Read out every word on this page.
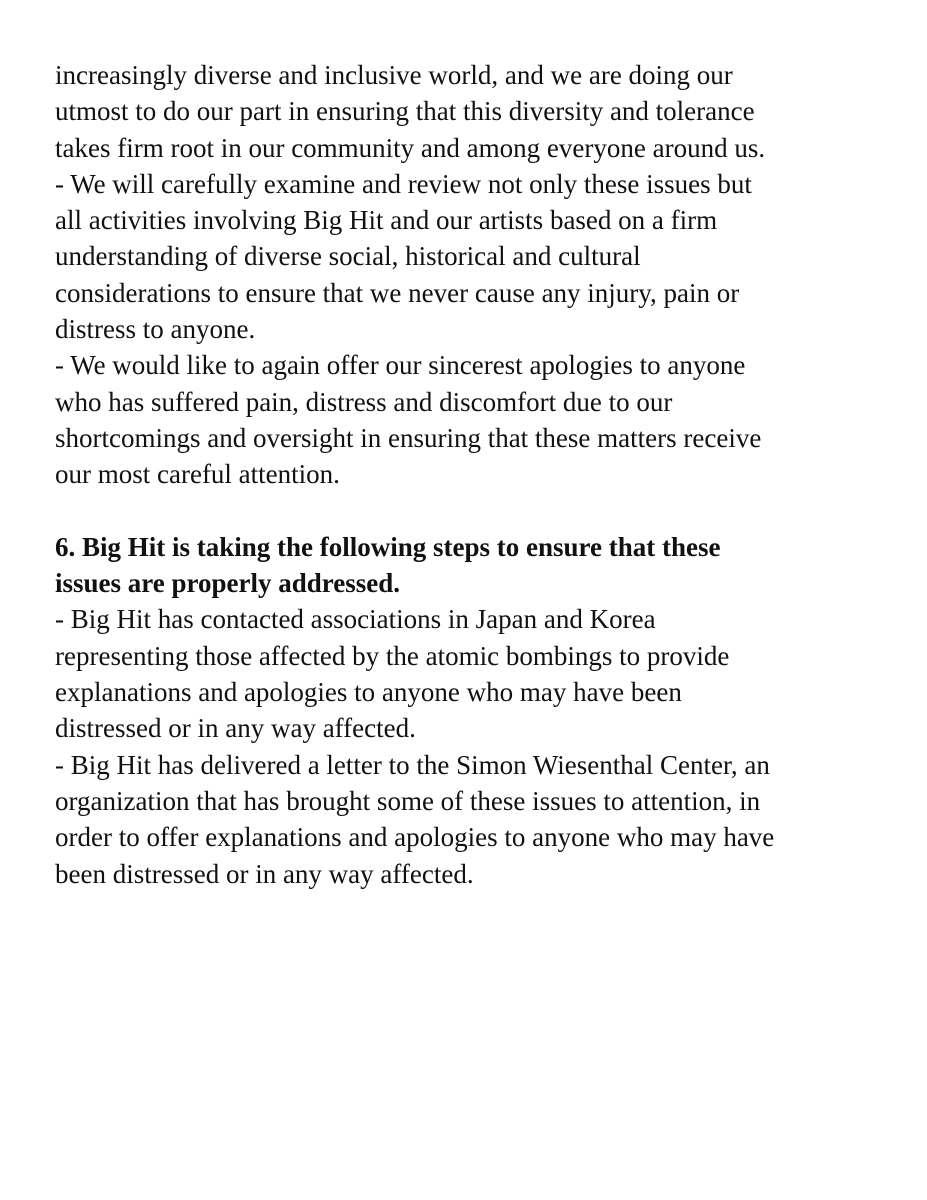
increasingly diverse and inclusive world, and we are doing our
utmost to do our part in ensuring that this diversity and tolerance
takes firm root in our community and among everyone around us.
- We will carefully examine and review not only these issues but
all activities involving Big Hit and our artists based on a firm
understanding of diverse social, historical and cultural
considerations to ensure that we never cause any injury, pain or
distress to anyone.
- We would like to again offer our sincerest apologies to anyone
who has suffered pain, distress and discomfort due to our
shortcomings and oversight in ensuring that these matters receive
our most careful attention.
6. Big Hit is taking the following steps to ensure that these
issues are properly addressed.
- Big Hit has contacted associations in Japan and Korea
representing those affected by the atomic bombings to provide
explanations and apologies to anyone who may have been
distressed or in any way affected.
- Big Hit has delivered a letter to the Simon Wiesenthal Center, an
organization that has brought some of these issues to attention, in
order to offer explanations and apologies to anyone who may have
been distressed or in any way affected.
